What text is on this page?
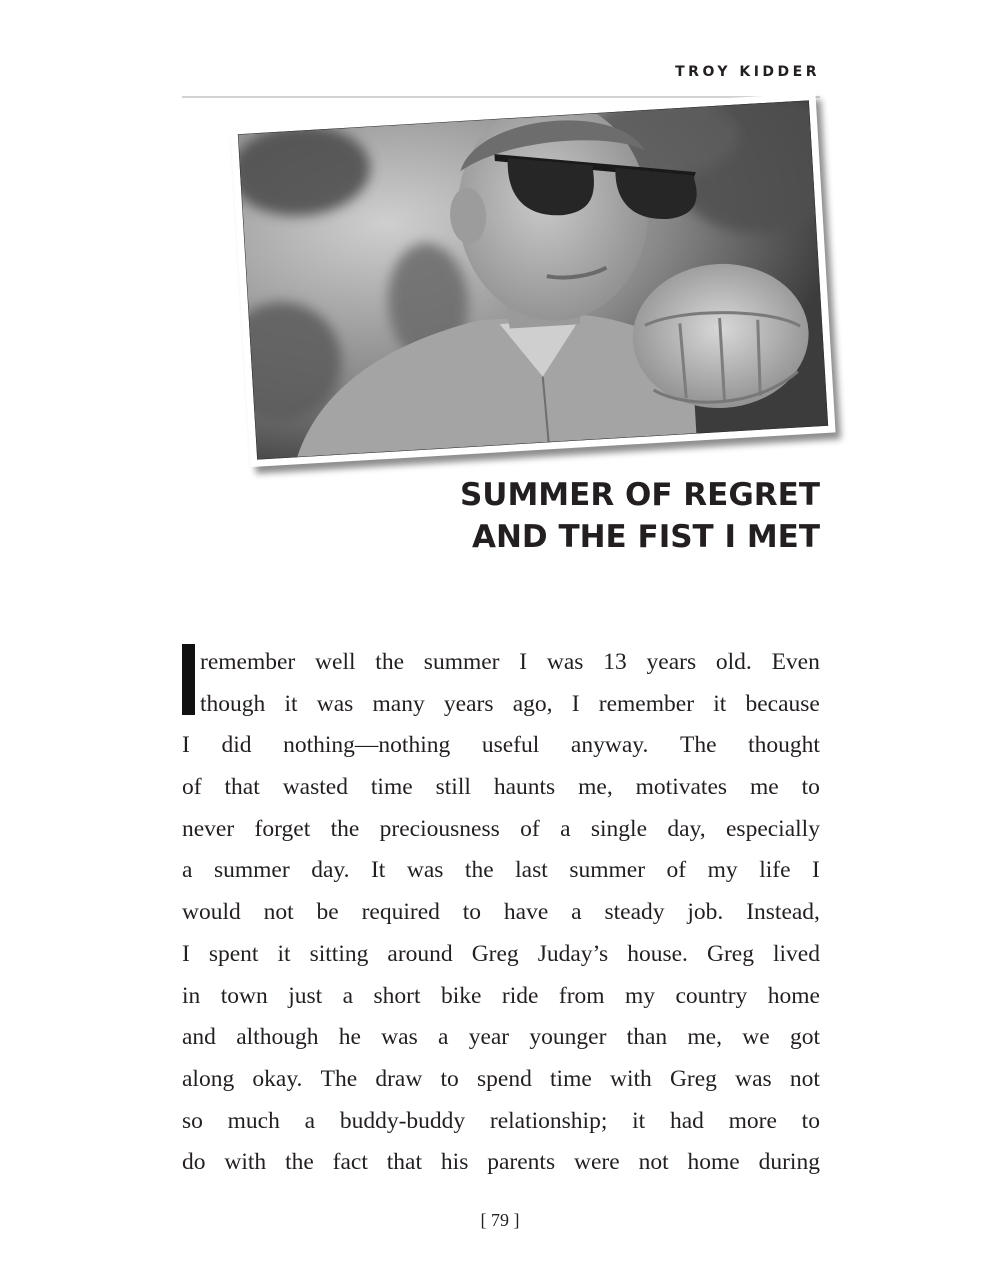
TROY KIDDER
SUMMER OF REGRET
AND THE FIST I MET
remember well the summer I was 13 years old. Even
though it was many years ago, I remember it because
I did nothing—nothing useful anyway. The thought
of that wasted time still haunts me, motivates me to
never forget the preciousness of a single day, especially
a summer day. It was the last summer of my life I
would not be required to have a steady job. Instead,
I spent it sitting around Greg Juday’s house. Greg lived
in town just a short bike ride from my country home
and although he was a year younger than me, we got
along okay. The draw to spend time with Greg was not
so much a buddy-buddy relationship; it had more to
do with the fact that his parents were not home during
[ 79 ]
